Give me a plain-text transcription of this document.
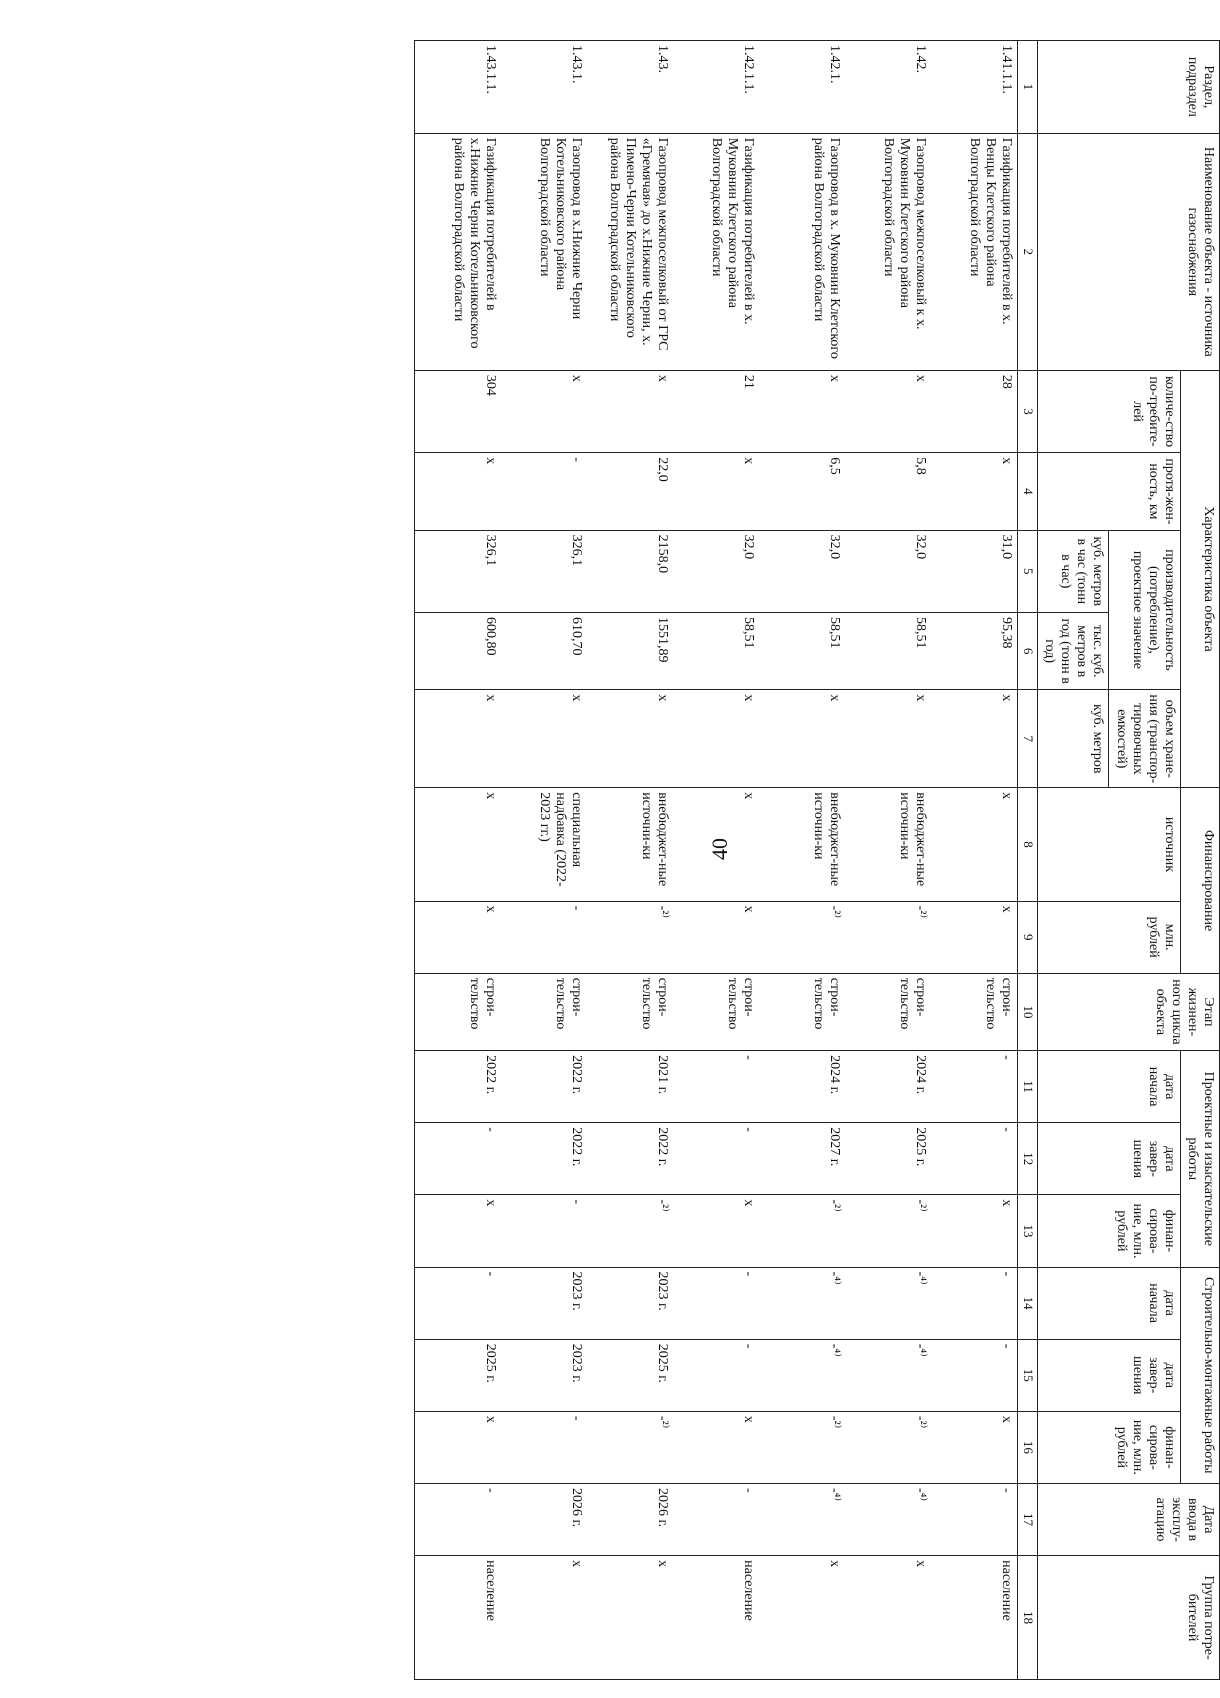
40
Раздел, подраздел	Наименование объекта - источника газоснабжения	Характеристика объекта					Финансирование		Этап жизнен-ного цикла объекта	Проектные и изыскательские работы			Строительно-монтажные работы			Дата ввода в эксплу-атацию	Группа потре-бителей
		количе-ство по-требите-лей	протя-жен-ность, км	производительность (потребление), проектное значение		объем хране-ния (транспор-тировочных емкостей)	источник	млн. рублей		дата начала	дата завер-шения	финан-сирова-ние, млн. рублей	дата начала	дата завер-шения	финан-сирова-ние, млн. рублей		
				куб. метров в час (тонн в час)	тыс. куб. метров в год (тонн в год)	куб. метров											
1	2	3	4	5	6	7	8	9	10	11	12	13	14	15	16	17	18
1.41.1.1.	Газификация потребителей в х. Венцы Клетского района Волгоградской области	28	х	31,0	95,38	х	х	х	строи-тельство	-	-	х	-	-	х	-	население
1.42.	Газопровод межпоселковый к х. Муковнин Клетского района Волгоградской области	х	5,8	32,0	58,51	х	внебюджет-ные источни-ки	-²⁾	строи-тельство	2024 г.	2025 г.	-²⁾	-⁴⁾	-⁴⁾	-²⁾	-⁴⁾	х
1.42.1.	Газопровод в х. Муковнин Клетского района Волгоградской области	х	6,5	32,0	58,51	х	внебюджет-ные источни-ки	-²⁾	строи-тельство	2024 г.	2027 г.	-²⁾	-⁴⁾	-⁴⁾	-²⁾	-⁴⁾	х
1.42.1.1.	Газификация потребителей в х. Муковнин Клетского района Волгоградской области	21	х	32,0	58,51	х	х	х	строи-тельство	-	-	х	-	-	х	-	население
1.43.	Газопровод межпоселковый от ГРС «Гремячая» до х.Нижние Черни, х. Пимено-Черни Котельниковского района Волгоградской области	х	22,0	2158,0	1551,89	х	внебюджет-ные источни-ки	-²⁾	строи-тельство	2021 г.	2022 г.	-²⁾	2023 г.	2025 г.	-²⁾	2026 г.	х
1.43.1.	Газопровод в х.Нижние Черни Котельниковского района Волгоградской области	х	-	326,1	610,70	х	специальная надбавка (2022-2023 гг.)	-	строи-тельство	2022 г.	2022 г.	-	2023 г.	2023 г.	-	2026 г.	х
1.43.1.1.	Газификация потребителей в х.Нижние Черни Котельниковского района Волгоградской области	304	х	326,1	600,80	х	х	х	строи-тельство	2022 г.	-	х	-	2025 г.	х	-	население
